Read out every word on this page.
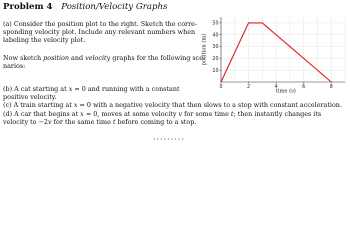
Problem 4 Position/Velocity Graphs
(a) Consider the position plot to the right. Sketch the corre-
sponding velocity plot. Include any relevant numbers when
labeling the velocity plot.
Now sketch position and velocity graphs for the following sce-
narios:
(b) A cat starting at x = 0 and running with a constant
positive velocity.
(c) A train starting at x = 0 with a negative velocity that then slows to a stop with constant acceleration.
(d) A car that begins at x = 0, moves at some velocity v for some time t; then instantly changes its
velocity to −2v for the same time t before coming to a stop.
·········
10
20
30
40
50
0	2	4	6	8
position (m)
time (s)
